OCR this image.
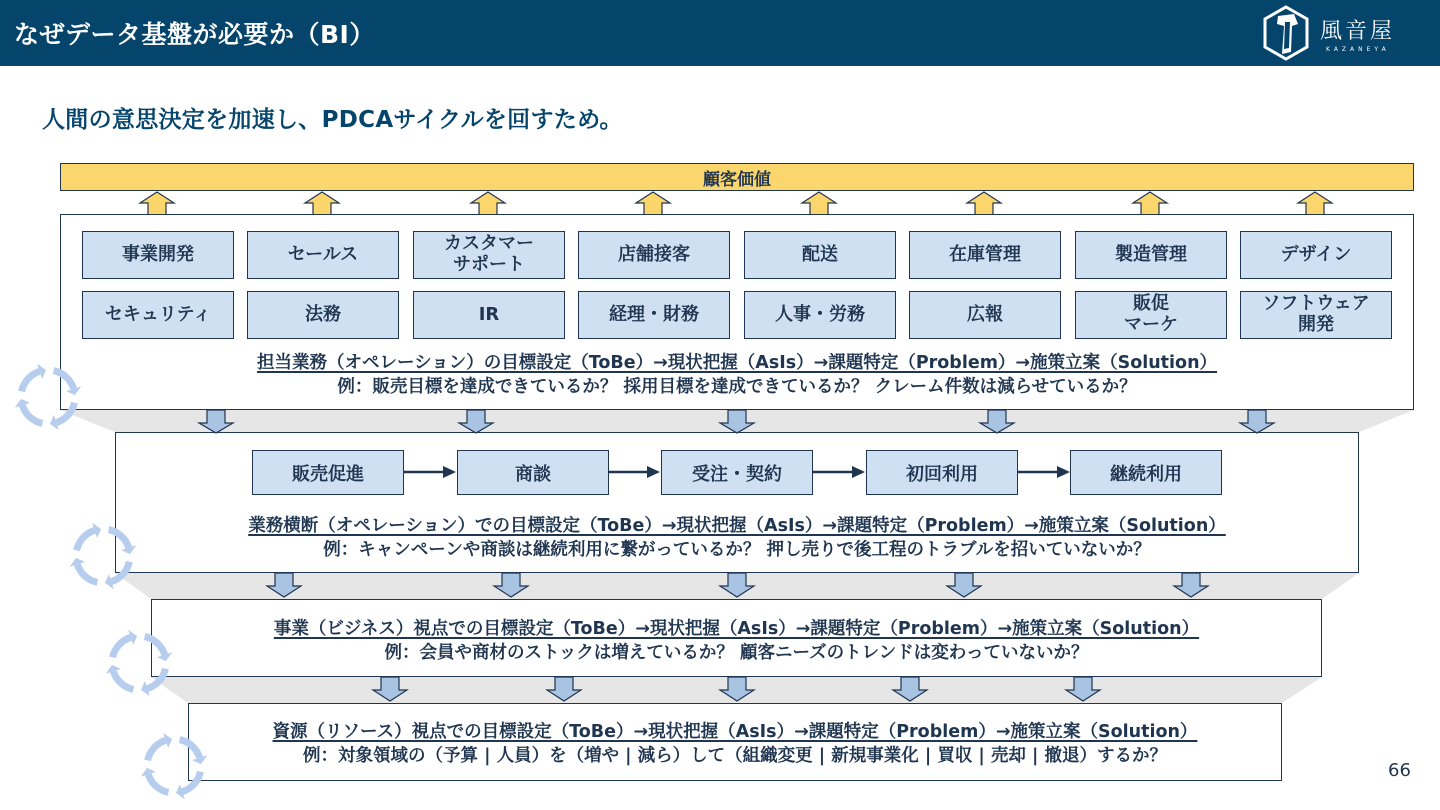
なぜデータ基盤が必要か（BI）	風音屋
KAZANEYA
人間の意思決定を加速し、PDCAサイクルを回すため。
顧客価値
事業開発	セールス	カスタマー
サポート	店舗接客	配送	在庫管理	製造管理	デザイン
セキュリティ	法務	IR	経理・財務	人事・労務	広報	販促
マーケ
ソフトウェア
開発
担当業務（オペレーション）の目標設定（ToBe）→現状把握（AsIs）→課題特定（Problem）→施策立案（Solution）
例：販売目標を達成できているか？ 採用目標を達成できているか？ クレーム件数は減らせているか？
販売促進	商談	受注・契約	初回利用	継続利用
業務横断（オペレーション）での目標設定（ToBe）→現状把握（AsIs）→課題特定（Problem）→施策立案（Solution）
例：キャンペーンや商談は継続利用に繋がっているか？ 押し売りで後工程のトラブルを招いていないか？
事業（ビジネス）視点での目標設定（ToBe）→現状把握（AsIs）→課題特定（Problem）→施策立案（Solution）
例：会員や商材のストックは増えているか？ 顧客ニーズのトレンドは変わっていないか？
資源（リソース）視点での目標設定（ToBe）→現状把握（AsIs）→課題特定（Problem）→施策立案（Solution）
例：対象領域の（予算 | 人員）を（増や | 減ら）して（組織変更 | 新規事業化 | 買収 | 売却 | 撤退）するか？
66
